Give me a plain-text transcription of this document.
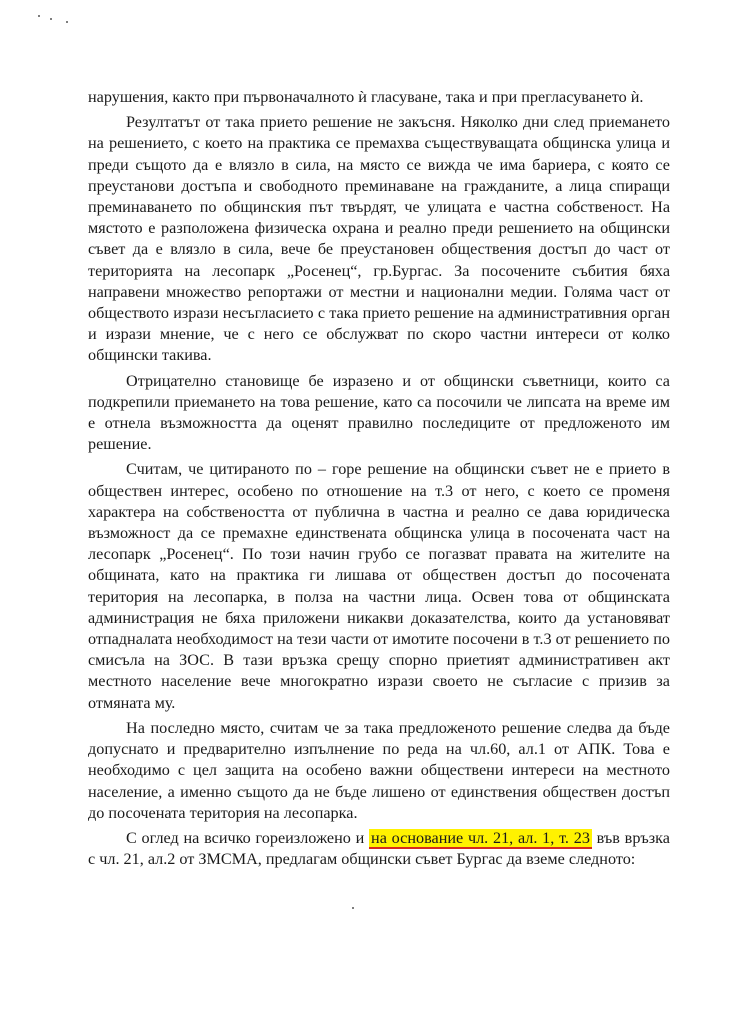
нарушения, както при първоначалното ѝ гласуване, така и при прегласуването ѝ.

Резултатът от така прието решение не закъсня. Няколко дни след приемането на решението, с което на практика се премахва съществуващата общинска улица и преди същото да е влязло в сила, на място се вижда че има бариера, с която се преустанови достъпа и свободното преминаване на гражданите, а лица спиращи преминаването по общинския път твърдят, че улицата е частна собственост. На мястото е разположена физическа охрана и реално преди решението на общински съвет да е влязло в сила, вече бе преустановен обществения достъп до част от територията на лесопарк „Росенец“, гр.Бургас. За посочените събития бяха направени множество репортажи от местни и национални медии. Голяма част от обществото изрази несъгласието с така прието решение на административния орган и изрази мнение, че с него се обслужват по скоро частни интереси от колко общински такива.

Отрицателно становище бе изразено и от общински съветници, които са подкрепили приемането на това решение, като са посочили че липсата на време им е отнела възможността да оценят правилно последиците от предложеното им решение.

Считам, че цитираното по – горе решение на общински съвет не е прието в обществен интерес, особено по отношение на т.3 от него, с което се променя характера на собствеността от публична в частна и реално се дава юридическа възможност да се премахне единствената общинска улица в посочената част на лесопарк „Росенец“. По този начин грубо се погазват правата на жителите на общината, като на практика ги лишава от обществен достъп до посочената територия на лесопарка, в полза на частни лица. Освен това от общинската администрация не бяха приложени никакви доказателства, които да установяват отпадналата необходимост на тези части от имотите посочени в т.3 от решението по смисъла на ЗОС. В тази връзка срещу спорно приетият административен акт местното население вече многократно изрази своето не съгласие с призив за отмяната му.

На последно място, считам че за така предложеното решение следва да бъде допуснато и предварително изпълнение по реда на чл.60, ал.1 от АПК. Това е необходимо с цел защита на особено важни обществени интереси на местното население, а именно същото да не бъде лишено от единствения обществен достъп до посочената територия на лесопарка.

С оглед на всичко гореизложено и на основание чл. 21, ал. 1, т. 23 във връзка с чл. 21, ал.2 от ЗМСМА, предлагам общински съвет Бургас да вземе следното:
